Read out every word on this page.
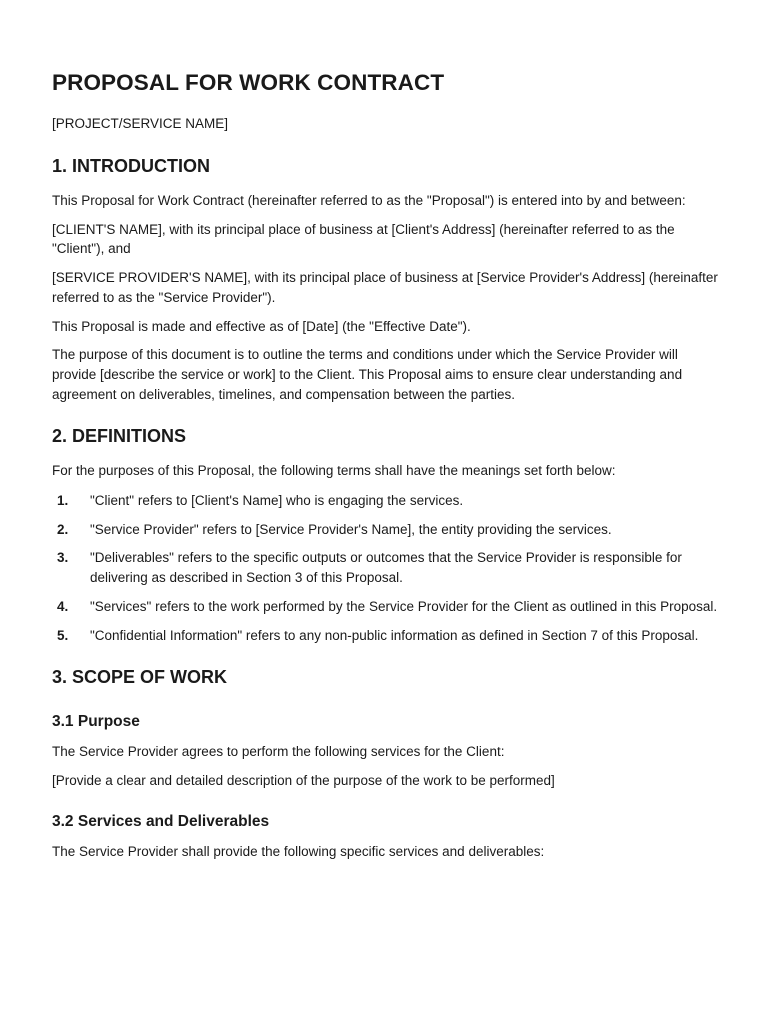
PROPOSAL FOR WORK CONTRACT
[PROJECT/SERVICE NAME]
1. INTRODUCTION

This Proposal for Work Contract (hereinafter referred to as the "Proposal") is entered into by and between:

[CLIENT'S NAME], with its principal place of business at [Client's Address] (hereinafter referred to as the "Client"), and

[SERVICE PROVIDER'S NAME], with its principal place of business at [Service Provider's Address] (hereinafter referred to as the "Service Provider").

This Proposal is made and effective as of [Date] (the "Effective Date").

The purpose of this document is to outline the terms and conditions under which the Service Provider will provide [describe the service or work] to the Client. This Proposal aims to ensure clear understanding and agreement on deliverables, timelines, and compensation between the parties.

2. DEFINITIONS

For the purposes of this Proposal, the following terms shall have the meanings set forth below:

1.	"Client" refers to [Client's Name] who is engaging the services.
2.	"Service Provider" refers to [Service Provider's Name], the entity providing the services.
3.	"Deliverables" refers to the specific outputs or outcomes that the Service Provider is responsible for delivering as described in Section 3 of this Proposal.
4.	"Services" refers to the work performed by the Service Provider for the Client as outlined in this Proposal.
5.	"Confidential Information" refers to any non-public information as defined in Section 7 of this Proposal.
3. SCOPE OF WORK
3.1 Purpose

The Service Provider agrees to perform the following services for the Client:

[Provide a clear and detailed description of the purpose of the work to be performed]

3.2 Services and Deliverables

The Service Provider shall provide the following specific services and deliverables:
